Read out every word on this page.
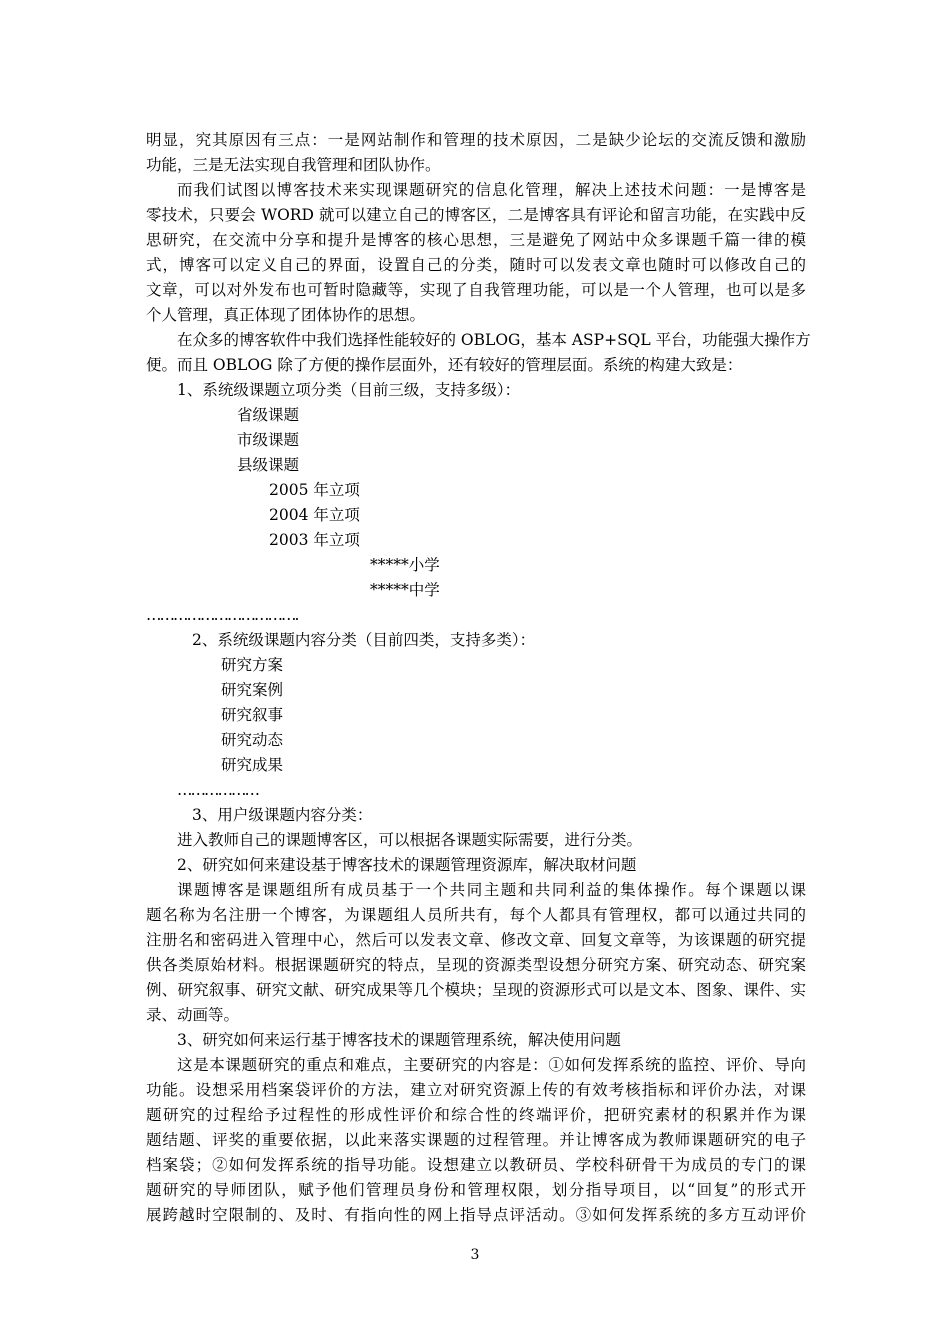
明显，究其原因有三点：一是网站制作和管理的技术原因，二是缺少论坛的交流反馈和激励
功能，三是无法实现自我管理和团队协作。
而我们试图以博客技术来实现课题研究的信息化管理，解决上述技术问题：一是博客是
零技术，只要会 WORD 就可以建立自己的博客区，二是博客具有评论和留言功能，在实践中反
思研究，在交流中分享和提升是博客的核心思想，三是避免了网站中众多课题千篇一律的模
式，博客可以定义自己的界面，设置自己的分类，随时可以发表文章也随时可以修改自己的
文章，可以对外发布也可暂时隐藏等，实现了自我管理功能，可以是一个人管理，也可以是多
个人管理，真正体现了团体协作的思想。
在众多的博客软件中我们选择性能较好的 OBLOG，基本 ASP+SQL 平台，功能强大操作方
便。而且 OBLOG 除了方便的操作层面外，还有较好的管理层面。系统的构建大致是：
1、系统级课题立项分类（目前三级，支持多级）：
省级课题
市级课题
县级课题
2005 年立项
2004 年立项
2003 年立项
*****小学
*****中学
…………………………….
2、系统级课题内容分类（目前四类，支持多类）：
研究方案
研究案例
研究叙事
研究动态
研究成果
………………
3、用户级课题内容分类：
进入教师自己的课题博客区，可以根据各课题实际需要，进行分类。
2、研究如何来建设基于博客技术的课题管理资源库，解决取材问题
课题博客是课题组所有成员基于一个共同主题和共同利益的集体操作。每个课题以课
题名称为名注册一个博客，为课题组人员所共有，每个人都具有管理权，都可以通过共同的
注册名和密码进入管理中心，然后可以发表文章、修改文章、回复文章等，为该课题的研究提
供各类原始材料。根据课题研究的特点，呈现的资源类型设想分研究方案、研究动态、研究案
例、研究叙事、研究文献、研究成果等几个模块；呈现的资源形式可以是文本、图象、课件、实
录、动画等。
3、研究如何来运行基于博客技术的课题管理系统，解决使用问题
这是本课题研究的重点和难点，主要研究的内容是：①如何发挥系统的监控、评价、导向
功能。设想采用档案袋评价的方法，建立对研究资源上传的有效考核指标和评价办法，对课
题研究的过程给予过程性的形成性评价和综合性的终端评价，把研究素材的积累并作为课
题结题、评奖的重要依据，以此来落实课题的过程管理。并让博客成为教师课题研究的电子
档案袋；②如何发挥系统的指导功能。设想建立以教研员、学校科研骨干为成员的专门的课
题研究的导师团队，赋予他们管理员身份和管理权限，划分指导项目，以“回复”的形式开
展跨越时空限制的、及时、有指向性的网上指导点评活动。③如何发挥系统的多方互动评价
3
